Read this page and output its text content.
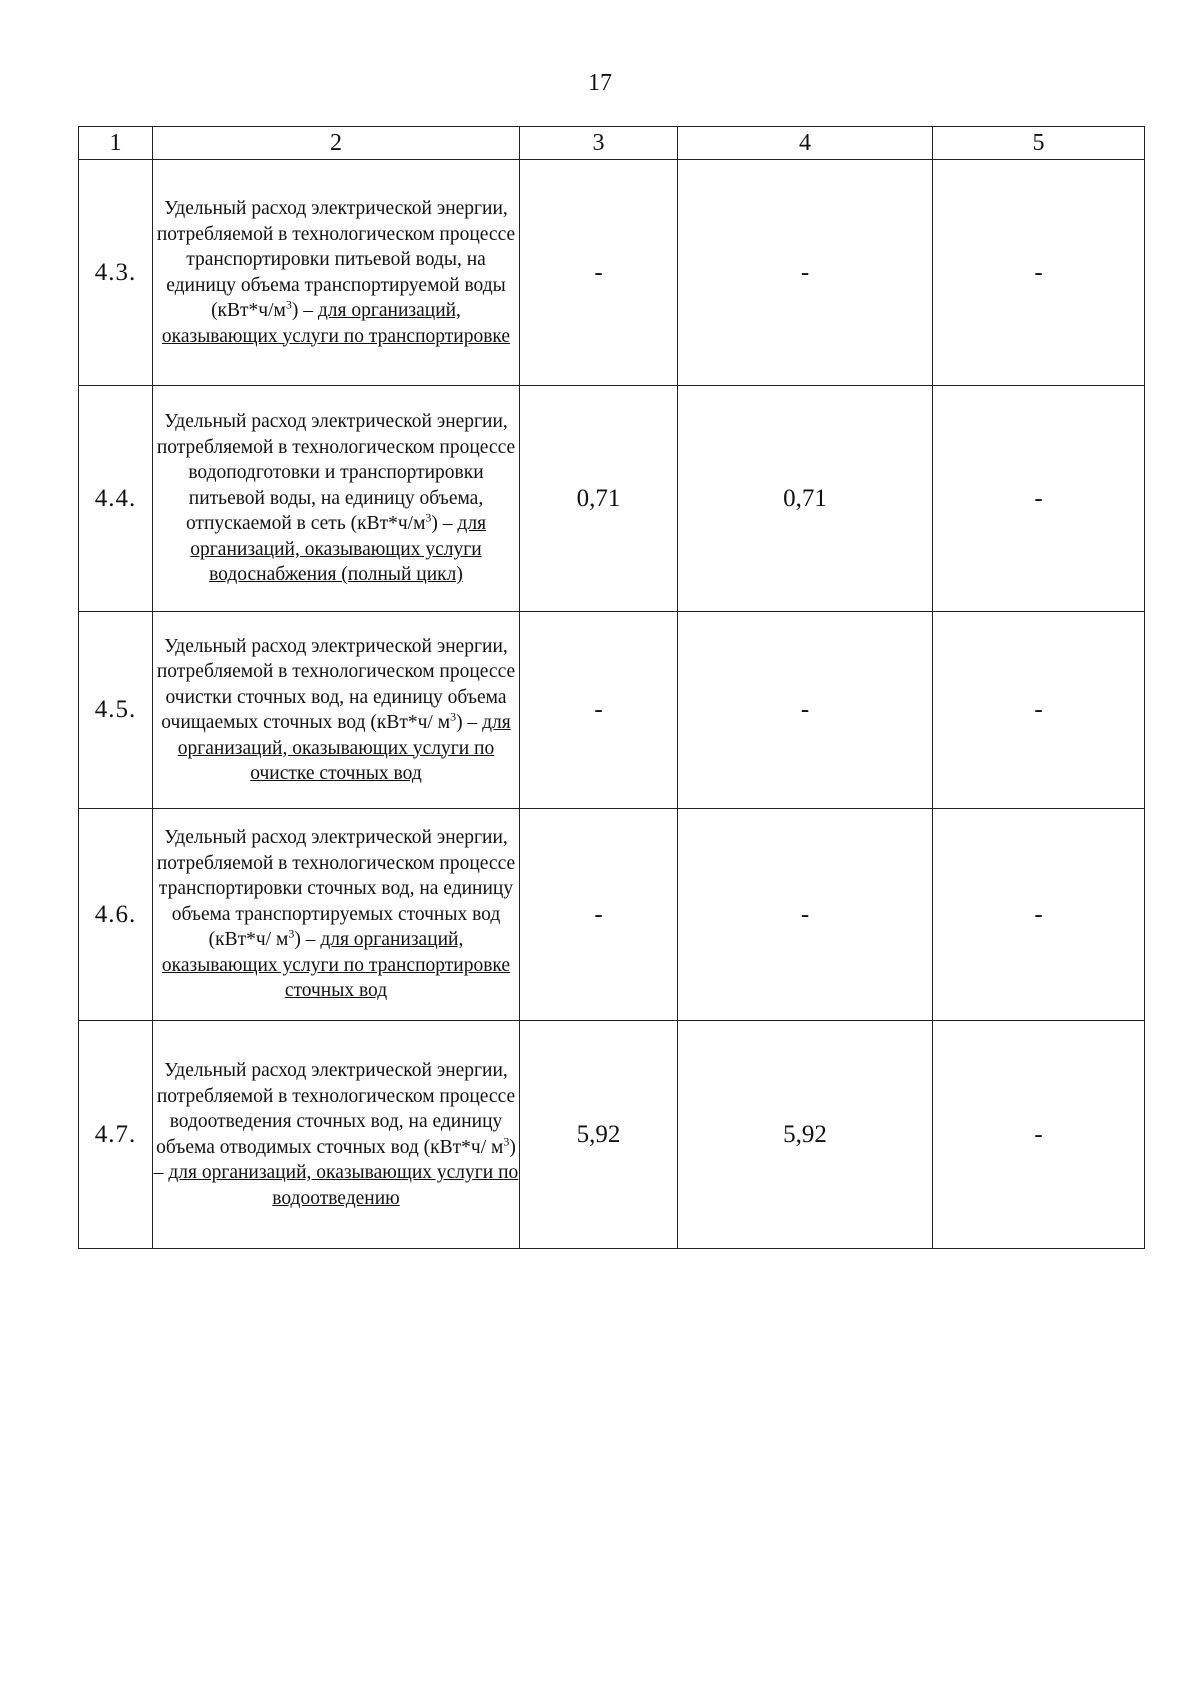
17
1	2	3	4	5
4.3.	Удельный расход электрической энергии, потребляемой в технологическом процессе транспортировки питьевой воды, на единицу объема транспортируемой воды $(кВт*ч/м^3)$ – для организаций, оказывающих услуги по транспортировке	-	-	-
4.4.	Удельный расход электрической энергии, потребляемой в технологическом процессе водоподготовки и транспортировки питьевой воды, на единицу объема, отпускаемой в сеть $(кВт*ч/м^3)$ – для организаций, оказывающих услуги водоснабжения (полный цикл)	0,71	0,71	-
4.5.	Удельный расход электрической энергии, потребляемой в технологическом процессе очистки сточных вод, на единицу объема очищаемых сточных вод (кВт*ч/ $м^3$) – для организаций, оказывающих услуги по очистке сточных вод	-	-	-
4.6.	Удельный расход электрической энергии, потребляемой в технологическом процессе транспортировки сточных вод, на единицу объема транспортируемых сточных вод (кВт*ч/ $м^3$) – для организаций, оказывающих услуги по транспортировке сточных вод	-	-	-
4.7.	Удельный расход электрической энергии, потребляемой в технологическом процессе водоотведения сточных вод, на единицу объема отводимых сточных вод (кВт*ч/ $м^3$) – для организаций, оказывающих услуги по водоотведению	5,92	5,92	-
